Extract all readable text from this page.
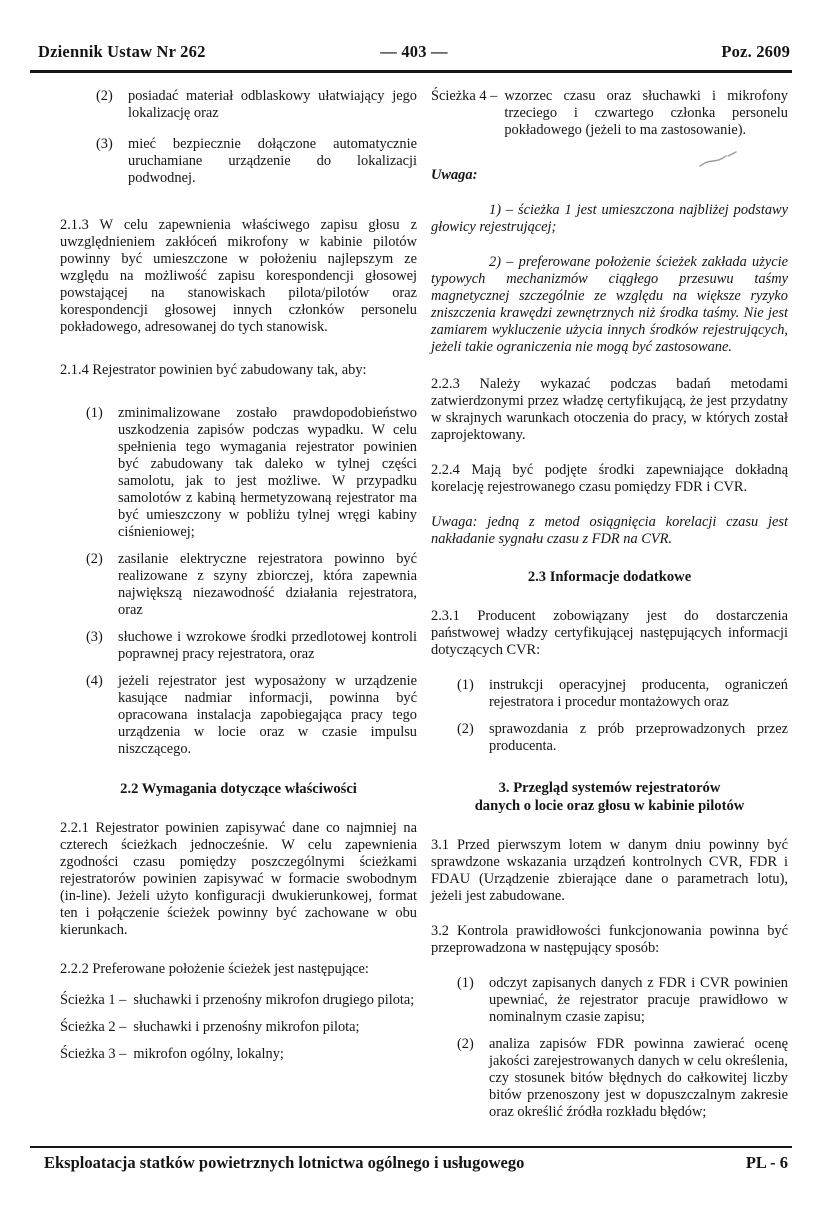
Dziennik Ustaw Nr 262	— 403 —	Poz. 2609
(2)	posiadać materiał odblaskowy ułatwiający jego lokalizację oraz
(3)	mieć bezpiecznie dołączone automatycznie uruchamiane urządzenie do lokalizacji podwodnej.

2.1.3 W celu zapewnienia właściwego zapisu głosu z uwzględnieniem zakłóceń mikrofony w kabinie pilotów powinny być umieszczone w położeniu najlepszym ze względu na możliwość zapisu korespondencji głosowej powstającej na stanowiskach pilota/pilotów oraz korespondencji głosowej innych członków personelu pokładowego, adresowanej do tych stanowisk.

2.1.4 Rejestrator powinien być zabudowany tak, aby:

(1)	zminimalizowane zostało prawdopodobieństwo uszkodzenia zapisów podczas wypadku. W celu spełnienia tego wymagania rejestrator powinien być zabudowany tak daleko w tylnej części samolotu, jak to jest możliwe. W przypadku samolotów z kabiną hermetyzowaną rejestrator ma być umieszczony w pobliżu tylnej wręgi kabiny ciśnieniowej;
(2)	zasilanie elektryczne rejestratora powinno być realizowane z szyny zbiorczej, która zapewnia największą niezawodność działania rejestratora, oraz
(3)	słuchowe i wzrokowe środki przedlotowej kontroli poprawnej pracy rejestratora, oraz
(4)	jeżeli rejestrator jest wyposażony w urządzenie kasujące nadmiar informacji, powinna być opracowana instalacja zapobiegająca pracy tego urządzenia w locie oraz w czasie impulsu niszczącego.
2.2 Wymagania dotyczące właściwości

2.2.1 Rejestrator powinien zapisywać dane co najmniej na czterech ścieżkach jednocześnie. W celu zapewnienia zgodności czasu pomiędzy poszczególnymi ścieżkami rejestratorów powinien zapisywać w formacie swobodnym (in-line). Jeżeli użyto konfiguracji dwukierunkowej, format ten i połączenie ścieżek powinny być zachowane w obu kierunkach.

2.2.2 Preferowane położenie ścieżek jest następujące:

Ścieżka 1 – słuchawki i przenośny mikrofon drugiego pilota;
Ścieżka 2 – słuchawki i przenośny mikrofon pilota;
Ścieżka 3 – mikrofon ogólny, lokalny;
Ścieżka 4 – wzorzec czasu oraz słuchawki i mikrofony trzeciego i czwartego członka personelu pokładowego (jeżeli to ma zastosowanie).

Uwaga:

1) – ścieżka 1 jest umieszczona najbliżej podstawy głowicy rejestrującej;

2) – preferowane położenie ścieżek zakłada użycie typowych mechanizmów ciągłego przesuwu taśmy magnetycznej szczególnie ze względu na większe ryzyko zniszczenia krawędzi zewnętrznych niż środka taśmy. Nie jest zamiarem wykluczenie użycia innych środków rejestrujących, jeżeli takie ograniczenia nie mogą być zastosowane.

2.2.3 Należy wykazać podczas badań metodami zatwierdzonymi przez władzę certyfikującą, że jest przydatny w skrajnych warunkach otoczenia do pracy, w których został zaprojektowany.

2.2.4 Mają być podjęte środki zapewniające dokładną korelację rejestrowanego czasu pomiędzy FDR i CVR.

Uwaga: jedną z metod osiągnięcia korelacji czasu jest nakładanie sygnału czasu z FDR na CVR.

2.3 Informacje dodatkowe

2.3.1 Producent zobowiązany jest do dostarczenia państwowej władzy certyfikującej następujących informacji dotyczących CVR:

(1)	instrukcji operacyjnej producenta, ograniczeń rejestratora i procedur montażowych oraz
(2)	sprawozdania z prób przeprowadzonych przez producenta.
3. Przegląd systemów rejestratorów
danych o locie oraz głosu w kabinie pilotów

3.1 Przed pierwszym lotem w danym dniu powinny być sprawdzone wskazania urządzeń kontrolnych CVR, FDR i FDAU (Urządzenie zbierające dane o parametrach lotu), jeżeli jest zabudowane.

3.2 Kontrola prawidłowości funkcjonowania powinna być przeprowadzona w następujący sposób:

(1)	odczyt zapisanych danych z FDR i CVR powinien upewniać, że rejestrator pracuje prawidłowo w nominalnym czasie zapisu;
(2)	analiza zapisów FDR powinna zawierać ocenę jakości zarejestrowanych danych w celu określenia, czy stosunek bitów błędnych do całkowitej liczby bitów przenoszony jest w dopuszczalnym zakresie oraz określić źródła rozkładu błędów;
Eksploatacja statków powietrznych lotnictwa ogólnego i usługowego	PL - 6
